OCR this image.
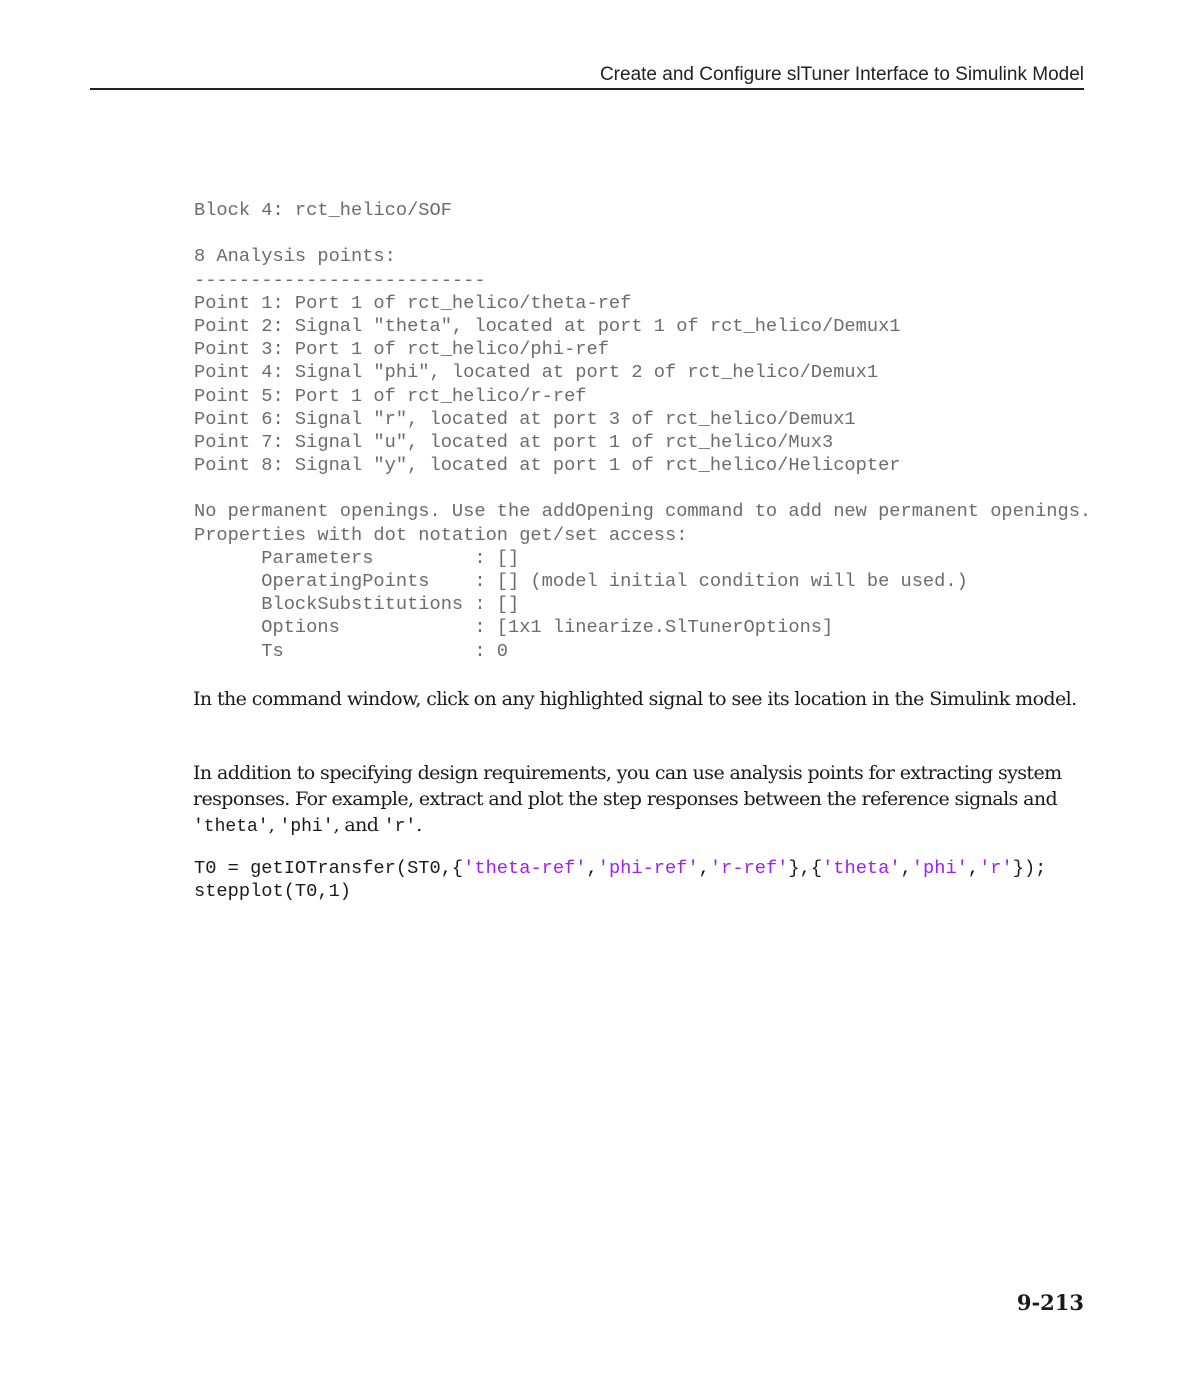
Create and Configure slTuner Interface to Simulink Model
Block 4: rct_helico/SOF
8 Analysis points:
--------------------------
Point 1: Port 1 of rct_helico/theta-ref
Point 2: Signal "theta", located at port 1 of rct_helico/Demux1
Point 3: Port 1 of rct_helico/phi-ref
Point 4: Signal "phi", located at port 2 of rct_helico/Demux1
Point 5: Port 1 of rct_helico/r-ref
Point 6: Signal "r", located at port 3 of rct_helico/Demux1
Point 7: Signal "u", located at port 1 of rct_helico/Mux3
Point 8: Signal "y", located at port 1 of rct_helico/Helicopter
No permanent openings. Use the addOpening command to add new permanent openings.
Properties with dot notation get/set access:
Parameters         : []
OperatingPoints    : [] (model initial condition will be used.)
BlockSubstitutions : []
Options            : [1x1 linearize.SlTunerOptions]
Ts                 : 0

In the command window, click on any highlighted signal to see its location in the Simulink model.

In addition to specifying design requirements, you can use analysis points for extracting system responses. For example, extract and plot the step responses between the reference signals and 'theta', 'phi', and 'r'.

T0 = getIOTransfer(ST0,{'theta-ref','phi-ref','r-ref'},{'theta','phi','r'});
stepplot(T0,1)
9-213
